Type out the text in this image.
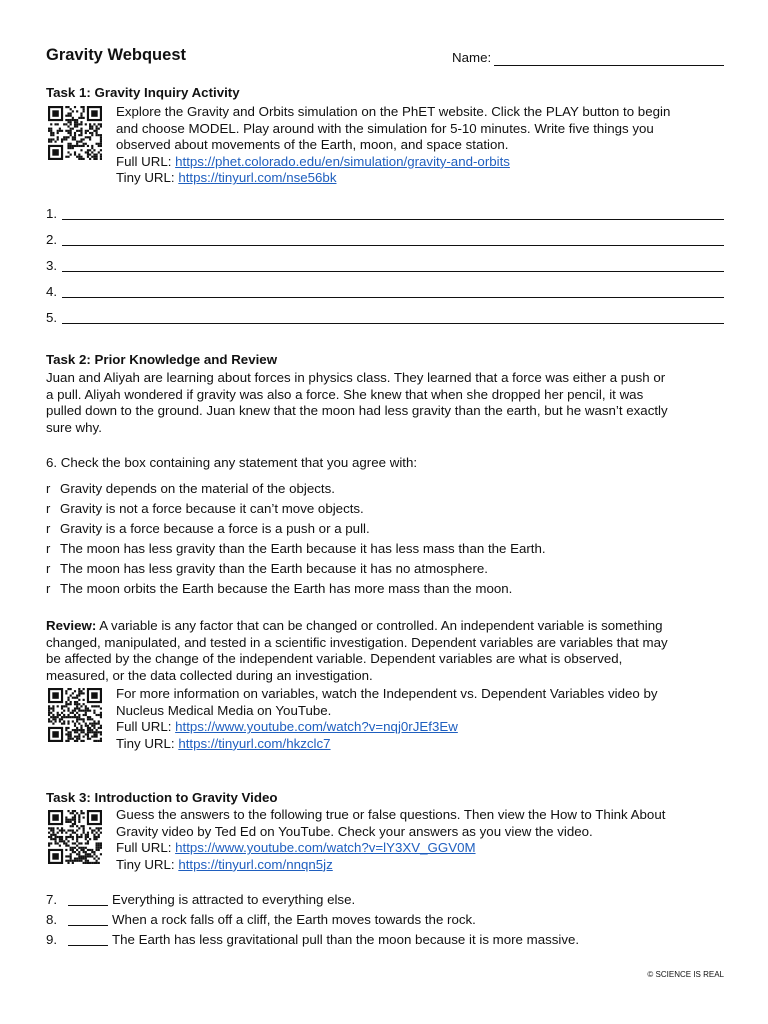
Gravity Webquest	Name:
Task 1: Gravity Inquiry Activity
Explore the Gravity and Orbits simulation on the PhET website. Click the PLAY button to begin
and choose MODEL. Play around with the simulation for 5-10 minutes. Write five things you
observed about movements of the Earth, moon, and space station.
Full URL: https://phet.colorado.edu/en/simulation/gravity-and-orbits
Tiny URL: https://tinyurl.com/nse56bk
1.
2.
3.
4.
5.
Task 2: Prior Knowledge and Review
Juan and Aliyah are learning about forces in physics class. They learned that a force was either a push or
a pull. Aliyah wondered if gravity was also a force. She knew that when she dropped her pencil, it was
pulled down to the ground. Juan knew that the moon had less gravity than the earth, but he wasn’t exactly
sure why.
6. Check the box containing any statement that you agree with:
r Gravity depends on the material of the objects.
r Gravity is not a force because it can’t move objects.
r Gravity is a force because a force is a push or a pull.
r The moon has less gravity than the Earth because it has less mass than the Earth.
r The moon has less gravity than the Earth because it has no atmosphere.
r The moon orbits the Earth because the Earth has more mass than the moon.
Review: A variable is any factor that can be changed or controlled. An independent variable is something
changed, manipulated, and tested in a scientific investigation. Dependent variables are variables that may
be affected by the change of the independent variable. Dependent variables are what is observed,
measured, or the data collected during an investigation.
For more information on variables, watch the Independent vs. Dependent Variables video by
Nucleus Medical Media on YouTube.
Full URL: https://www.youtube.com/watch?v=nqj0rJEf3Ew
Tiny URL: https://tinyurl.com/hkzclc7
Task 3: Introduction to Gravity Video
Guess the answers to the following true or false questions. Then view the How to Think About
Gravity video by Ted Ed on YouTube. Check your answers as you view the video.
Full URL: https://www.youtube.com/watch?v=lY3XV_GGV0M
Tiny URL: https://tinyurl.com/nnqn5jz
7.	Everything is attracted to everything else.
8.	When a rock falls off a cliff, the Earth moves towards the rock.
9.	The Earth has less gravitational pull than the moon because it is more massive.
© SCIENCE IS REAL
